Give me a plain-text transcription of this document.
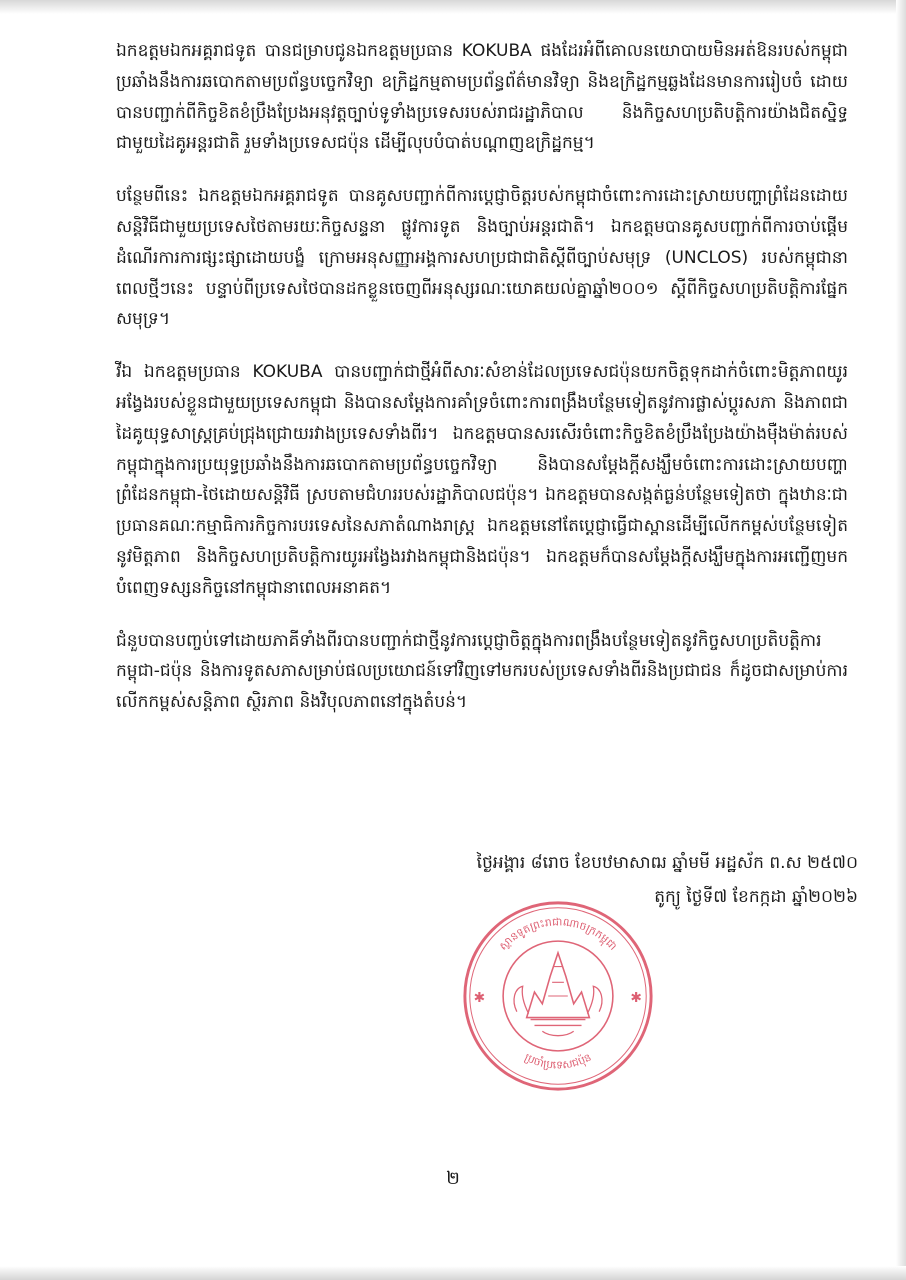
ឯកឧត្តមឯកអគ្គរាជទូត បានជម្រាបជូនឯកឧត្តមប្រធាន KOKUBA ផងដែរអំពីគោលនយោបាយមិនអត់ឱនរបស់កម្ពុជាប្រឆាំងនឹងការឆបោកតាមប្រព័ន្ធបច្ចេកវិទ្យា ឧក្រិដ្ឋកម្មតាមប្រព័ន្ធព័ត៌មានវិទ្យា និងឧក្រិដ្ឋកម្មឆ្លងដែនមានការរៀបចំ ដោយបានបញ្ជាក់ពីកិច្ចខិតខំប្រឹងប្រែងអនុវត្តច្បាប់ទូទាំងប្រទេសរបស់រាជរដ្ឋាភិបាល និងកិច្ចសហប្រតិបត្តិការយ៉ាងជិតស្និទ្ធជាមួយដៃគូអន្តរជាតិ រួមទាំងប្រទេសជប៉ុន ដើម្បីលុបបំបាត់បណ្តាញឧក្រិដ្ឋកម្ម។

បន្ថែមពីនេះ ឯកឧត្តមឯកអគ្គរាជទូត បានគូសបញ្ជាក់ពីការប្តេជ្ញាចិត្តរបស់កម្ពុជាចំពោះការដោះស្រាយបញ្ហាព្រំដែនដោយសន្តិវិធីជាមួយប្រទេសថៃតាមរយៈកិច្ចសន្ទនា ផ្លូវការទូត និងច្បាប់អន្តរជាតិ។ ឯកឧត្តមបានគូសបញ្ជាក់ពីការចាប់ផ្តើមដំណើរការការផ្សះផ្សាដោយបង្ខំ ក្រោមអនុសញ្ញាអង្គការសហប្រជាជាតិស្តីពីច្បាប់សមុទ្រ (UNCLOS) របស់កម្ពុជានាពេលថ្មីៗនេះ បន្ទាប់ពីប្រទេសថៃបានដកខ្លួនចេញពីអនុស្សរណៈយោគយល់គ្នាឆ្នាំ២០០១ ស្តីពីកិច្ចសហប្រតិបត្តិការផ្នែកសមុទ្រ។

វីឯ ឯកឧត្តមប្រធាន KOKUBA បានបញ្ជាក់ជាថ្មីអំពីសារៈសំខាន់ដែលប្រទេសជប៉ុនយកចិត្តទុកដាក់ចំពោះមិត្តភាពយូរអង្វែងរបស់ខ្លួនជាមួយប្រទេសកម្ពុជា និងបានសម្តែងការគាំទ្រចំពោះការពង្រឹងបន្ថែមទៀតនូវការផ្លាស់ប្តូរសភា និងភាពជាដៃគូយុទ្ធសាស្ត្រគ្រប់ជ្រុងជ្រោយរវាងប្រទេសទាំងពីរ។ ឯកឧត្តមបានសរសើរចំពោះកិច្ចខិតខំប្រឹងប្រែងយ៉ាងម៉ឺងម៉ាត់របស់កម្ពុជាក្នុងការប្រយុទ្ធប្រឆាំងនឹងការឆបោកតាមប្រព័ន្ធបច្ចេកវិទ្យា និងបានសម្តែងក្តីសង្ឃឹមចំពោះការដោះស្រាយបញ្ហាព្រំដែនកម្ពុជា-ថៃដោយសន្តិវិធី ស្របតាមជំហររបស់រដ្ឋាភិបាលជប៉ុន។ ឯកឧត្តមបានសង្កត់ធ្ងន់បន្ថែមទៀតថា ក្នុងឋានៈជាប្រធានគណៈកម្មាធិការកិច្ចការបរទេសនៃសភាតំណាងរាស្ត្រ ឯកឧត្តមនៅតែប្តេជ្ញាធ្វើជាស្ពានដើម្បីលើកកម្ពស់បន្ថែមទៀតនូវមិត្តភាព និងកិច្ចសហប្រតិបត្តិការយូរអង្វែងរវាងកម្ពុជានិងជប៉ុន។ ឯកឧត្តមក៏បានសម្តែងក្តីសង្ឃឹមក្នុងការអញ្ជើញមកបំពេញទស្សនកិច្ចនៅកម្ពុជានាពេលអនាគត។

ជំនួបបានបញ្ចប់ទៅដោយភាគីទាំងពីរបានបញ្ជាក់ជាថ្មីនូវការប្តេជ្ញាចិត្តក្នុងការពង្រឹងបន្ថែមទៀតនូវកិច្ចសហប្រតិបត្តិការកម្ពុជា-ជប៉ុន និងការទូតសភាសម្រាប់ផលប្រយោជន៍ទៅវិញទៅមករបស់ប្រទេសទាំងពីរនិងប្រជាជន ក៏ដូចជាសម្រាប់ការលើកកម្ពស់សន្តិភាព ស្ថិរភាព និងវិបុលភាពនៅក្នុងតំបន់។

ថ្ងៃអង្គារ ៨រោច ខែបឋមាសាឍ ឆ្នាំមមី អដ្ឋស័ក ព.ស ២៥៧០
តូក្យូ ថ្ងៃទី៧ ខែកក្កដា ឆ្នាំ២០២៦
ស្ថានទូតព្រះរាជាណាចក្រកម្ពុជា
ប្រចាំប្រទេសជប៉ុន
✱	✱
២
